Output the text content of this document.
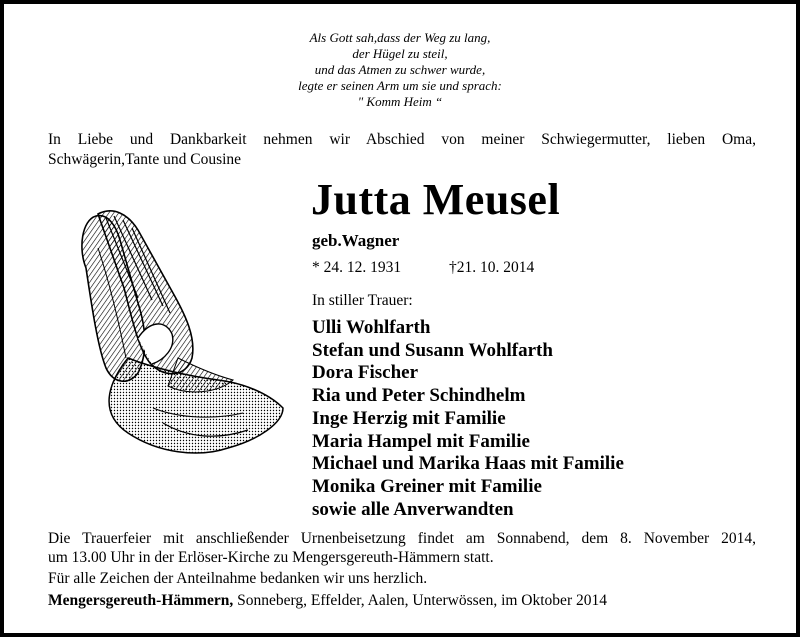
Als Gott sah,dass der Weg zu lang,
der Hügel zu steil,
und das Atmen zu schwer wurde,
legte er seinen Arm um sie und sprach:
" Komm Heim “
In Liebe und Dankbarkeit nehmen wir Abschied von meiner Schwiegermutter, lieben Oma,
Schwägerin,Tante und Cousine
Jutta Meusel
geb.Wagner
* 24. 12. 1931	†21. 10. 2014
In stiller Trauer:
Ulli Wohlfarth
Stefan und Susann Wohlfarth
Dora Fischer
Ria und Peter Schindhelm
Inge Herzig mit Familie
Maria Hampel mit Familie
Michael und Marika Haas mit Familie
Monika Greiner mit Familie
sowie alle Anverwandten
Die Trauerfeier mit anschließender Urnenbeisetzung findet am Sonnabend, dem 8. November 2014,
um 13.00 Uhr in der Erlöser-Kirche zu Mengersgereuth-Hämmern statt.
Für alle Zeichen der Anteilnahme bedanken wir uns herzlich.
Mengersgereuth-Hämmern, Sonneberg, Effelder, Aalen, Unterwössen, im Oktober 2014
